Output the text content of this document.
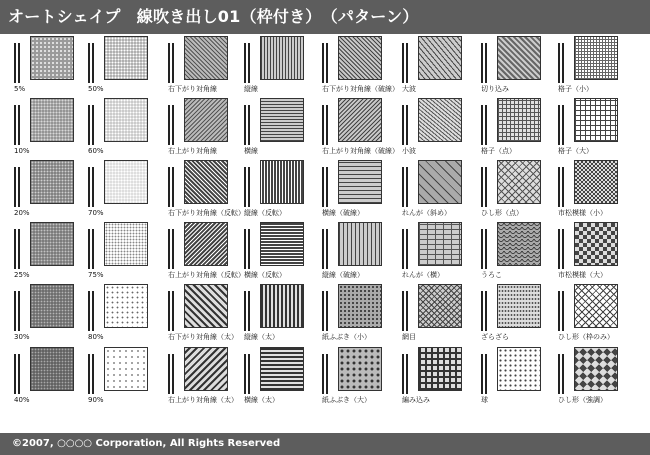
オートシェイプ　線吹き出し01（枠付き）　（パターン）
5%
10%
20%
25%
30%
40%
50%
60%
70%
75%
80%
90%
右下がり対角線
右上がり対角線
右下がり対角線（反転）
右上がり対角線（反転）
右下がり対角線（太）
右上がり対角線（太）
縦線
横線
縦線（反転）
横線（反転）
縦線（太）
横線（太）
右下がり対角線（破線）
右上がり対角線（破線）
横線（破線）
縦線（破線）
紙ふぶき（小）
紙ふぶき（大）
大波
小波
れんが（斜め）
れんが（横）
網目
編み込み
切り込み
格子（点）
ひし形（点）
うろこ
ざらざら
球
格子（小）
格子（大）
市松模様（小）
市松模様（大）
ひし形（枠のみ）
ひし形（強調）
©2007, ○○○○ Corporation, All Rights Reserved
